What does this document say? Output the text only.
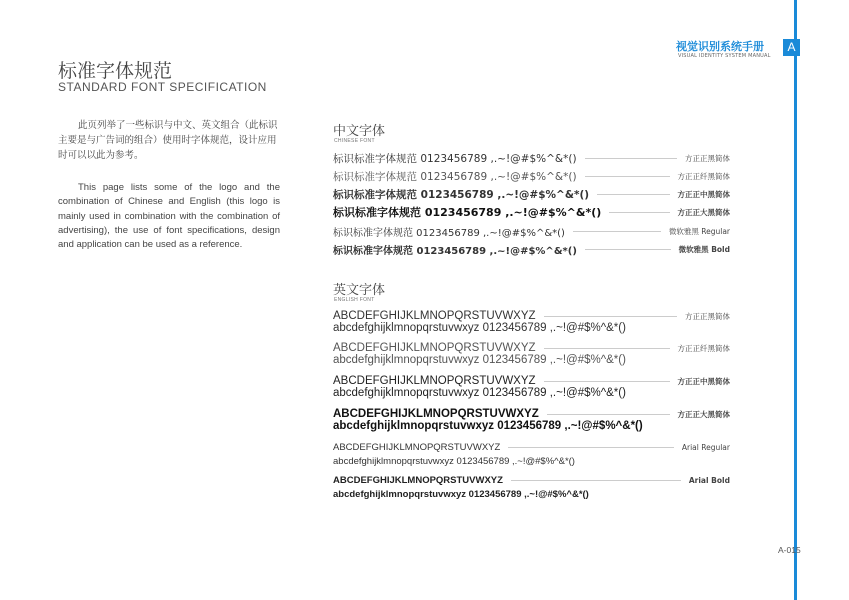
视觉识别系统手册
VISUAL IDENTITY SYSTEM MANUAL
A
标准字体规范
STANDARD FONT SPECIFICATION
此页列举了一些标识与中文、英文组合（此标识主要是与广告词的组合）使用时字体规范，设计应用时可以以此为参考。
This page lists some of the logo and the combination of Chinese and English (this logo is mainly used in combination with the combination of advertising), the use of font specifications, design and application can be used as a reference.
中文字体
CHINESE FONT
标识标准字体规范 0123456789 ,.~!@#$%^&*()	方正正黑简体
标识标准字体规范 0123456789 ,.~!@#$%^&*()	方正正纤黑简体
标识标准字体规范 0123456789 ,.~!@#$%^&*()	方正正中黑简体
标识标准字体规范 0123456789 ,.~!@#$%^&*()	方正正大黑简体
标识标准字体规范 0123456789 ,.~!@#$%^&*()	微软雅黑 Regular
标识标准字体规范 0123456789 ,.~!@#$%^&*()	微软雅黑 Bold
英文字体
ENGLISH FONT
ABCDEFGHIJKLMNOPQRSTUVWXYZ	方正正黑简体
abcdefghijklmnopqrstuvwxyz 0123456789 ,.~!@#$%^&*()
ABCDEFGHIJKLMNOPQRSTUVWXYZ	方正正纤黑简体
abcdefghijklmnopqrstuvwxyz 0123456789 ,.~!@#$%^&*()
ABCDEFGHIJKLMNOPQRSTUVWXYZ	方正正中黑简体
abcdefghijklmnopqrstuvwxyz 0123456789 ,.~!@#$%^&*()
ABCDEFGHIJKLMNOPQRSTUVWXYZ	方正正大黑简体
abcdefghijklmnopqrstuvwxyz 0123456789 ,.~!@#$%^&*()
ABCDEFGHIJKLMNOPQRSTUVWXYZ	Arial Regular
abcdefghijklmnopqrstuvwxyz 0123456789 ,.~!@#$%^&*()
ABCDEFGHIJKLMNOPQRSTUVWXYZ	Arial Bold
abcdefghijklmnopqrstuvwxyz 0123456789 ,.~!@#$%^&*()
A-015
